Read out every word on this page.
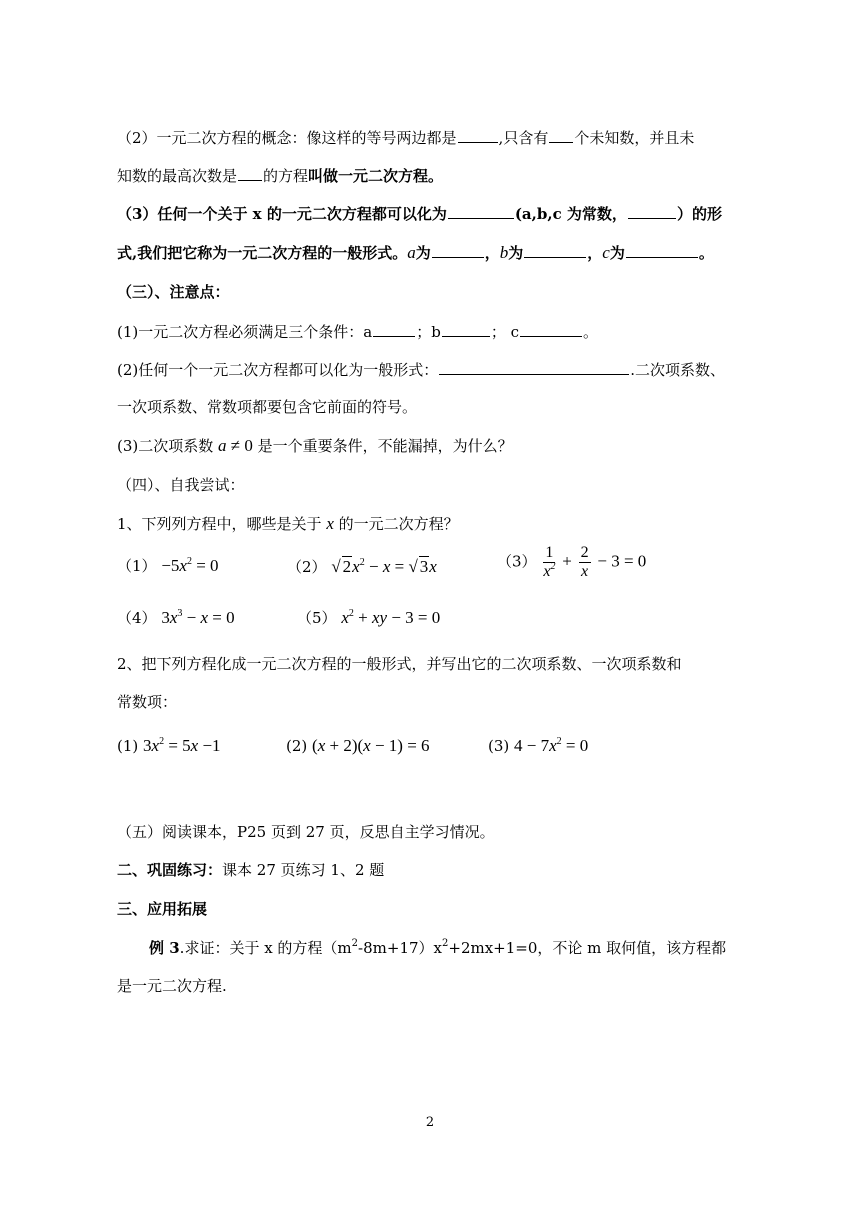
（2）一元二次方程的概念：像这样的等号两边都是	,只含有 个未知数，并且未
知数的最高次数是 的方程叫做一元二次方程。
（3）任何一个关于 x 的一元二次方程都可以化为	(a,b,c 为常数，	）的形
式,我们把它称为一元二次方程的一般形式。a为	，b为	，c为	。
（三）、注意点：
(1)一元二次方程必须满足三个条件：a	；b	； c	。
(2)任何一个一元二次方程都可以化为一般形式：	.二次项系数、
一次项系数、常数项都要包含它前面的符号。
(3)二次项系数 a ≠ 0 是一个重要条件，不能漏掉，为什么？
（四）、自我尝试：
1、下列列方程中，哪些是关于 x 的一元二次方程？
$(1) -5x^2 = 0$	（2） √ $2x^2 - x$ = √ 3x	$(3) \frac{1}{x^2} + \frac{2}{x} - 3 = 0$
（4） $3x^3 - x = 0$	（5） $x^2$ + xy − 3 = 0
2、把下列方程化成一元二次方程的一般形式，并写出它的二次项系数、一次项系数和
常数项：
(1) $3x^2 = 5x -1$	(2) (x + 2)(x − 1) = 6	(3) $4 - 7x^2 = 0$
（五）阅读课本，P25 页到 27 页，反思自主学习情况。
二、巩固练习：课本 27 页练习 1、2 题
三、应用拓展
例 3.求证：关于 x 的方程$(m^2-8m+17)x^2+2mx+1=0$，不论 m 取何值，该方程都
是一元二次方程.
2
